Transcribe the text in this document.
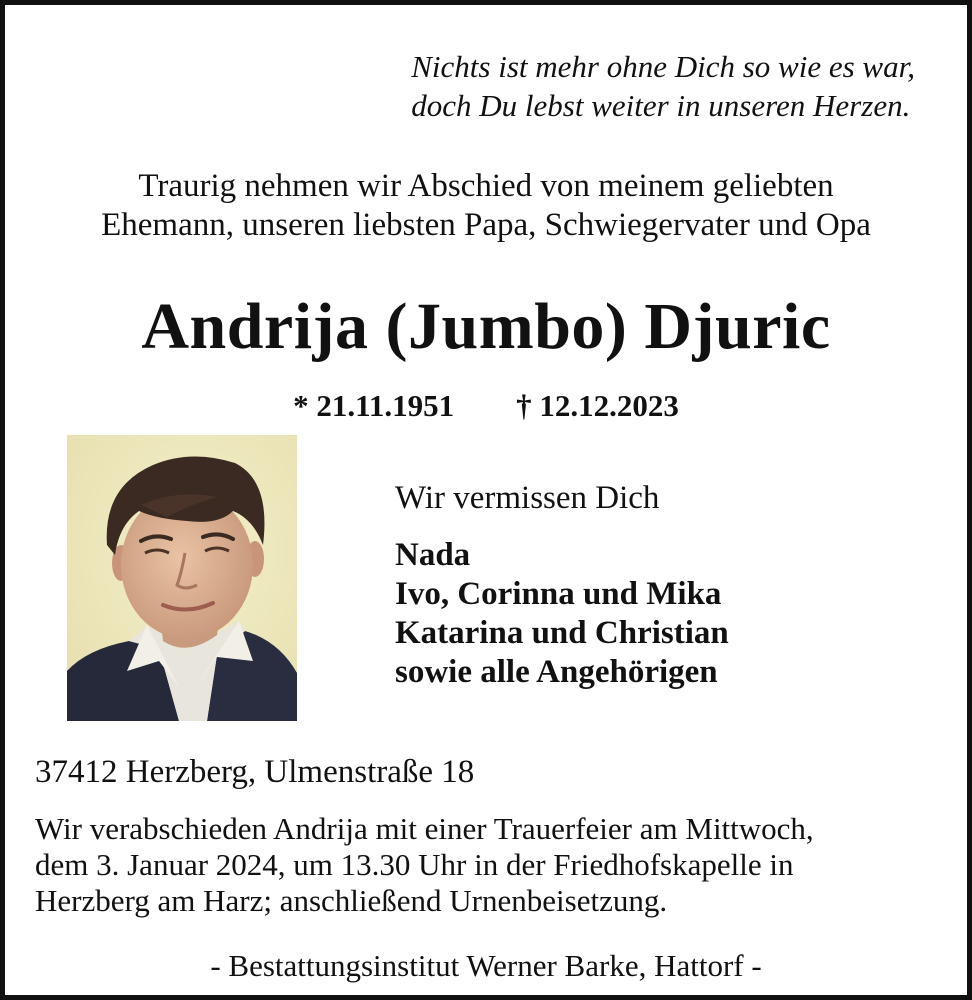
Nichts ist mehr ohne Dich so wie es war,
doch Du lebst weiter in unseren Herzen.
Traurig nehmen wir Abschied von meinem geliebten
Ehemann, unseren liebsten Papa, Schwiegervater und Opa
Andrija (Jumbo) Djuric
* 21.11.1951 † 12.12.2023
Wir vermissen Dich
Nada
Ivo, Corinna und Mika
Katarina und Christian
sowie alle Angehörigen
37412 Herzberg, Ulmenstraße 18
Wir verabschieden Andrija mit einer Trauerfeier am Mittwoch,
dem 3. Januar 2024, um 13.30 Uhr in der Friedhofskapelle in
Herzberg am Harz; anschließend Urnenbeisetzung.
- Bestattungsinstitut Werner Barke, Hattorf -
